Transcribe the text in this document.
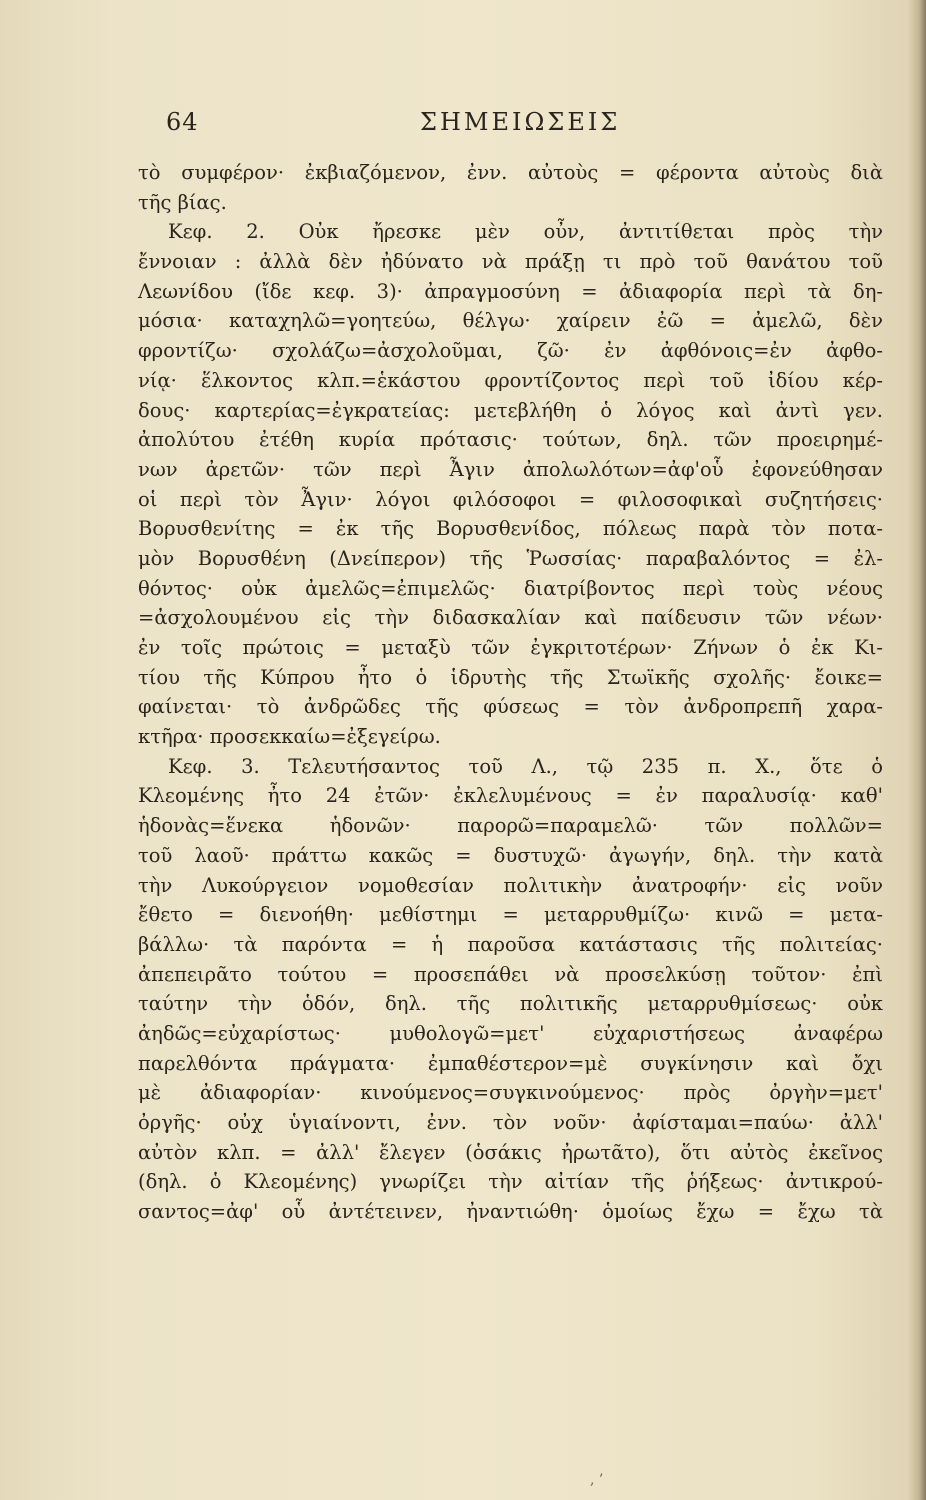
64	ΣΗΜΕΙΩΣΕΙΣ
τὸ συμφέρον· ἐκβιαζόμενον, ἐνν. αὐτοὺς = φέροντα αὐτοὺς διὰ
τῆς βίας.
Κεφ. 2. Οὐκ ἤρεσκε μὲν οὖν, ἀντιτίθεται πρὸς τὴν
ἔννοιαν : ἀλλὰ δὲν ἠδύνατο νὰ πράξῃ τι πρὸ τοῦ θανάτου τοῦ
Λεωνίδου (ἴδε κεφ. 3)· ἀπραγμοσύνη = ἀδιαφορία περὶ τὰ δη-
μόσια· καταχηλῶ=γοητεύω, θέλγω· χαίρειν ἐῶ = ἀμελῶ, δὲν
φροντίζω· σχολάζω=ἀσχολοῦμαι, ζῶ· ἐν ἀφθόνοις=ἐν ἀφθο-
νίᾳ· ἕλκοντος κλπ.=ἑκάστου φροντίζοντος περὶ τοῦ ἰδίου κέρ-
δους· καρτερίας=ἐγκρατείας: μετεβλήθη ὁ λόγος καὶ ἀντὶ γεν.
ἀπολύτου ἐτέθη κυρία πρότασις· τούτων, δηλ. τῶν προειρημέ-
νων ἀρετῶν· τῶν περὶ Ἆγιν ἀπολωλότων=ἀφ'οὗ ἐφονεύθησαν
οἱ περὶ τὸν Ἆγιν· λόγοι φιλόσοφοι = φιλοσοφικαὶ συζητήσεις·
Βορυσθενίτης = ἐκ τῆς Βορυσθενίδος, πόλεως παρὰ τὸν ποτα-
μὸν Βορυσθένη (Δνείπερον) τῆς Ῥωσσίας· παραβαλόντος = ἐλ-
θόντος· οὐκ ἀμελῶς=ἐπιμελῶς· διατρίβοντος περὶ τοὺς νέους
=ἀσχολουμένου εἰς τὴν διδασκαλίαν καὶ παίδευσιν τῶν νέων·
ἐν τοῖς πρώτοις = μεταξὺ τῶν ἐγκριτοτέρων· Ζήνων ὁ ἐκ Κι-
τίου τῆς Κύπρου ἦτο ὁ ἱδρυτὴς τῆς Στωϊκῆς σχολῆς· ἔοικε=
φαίνεται· τὸ ἀνδρῶδες τῆς φύσεως = τὸν ἀνδροπρεπῆ χαρα-
κτῆρα· προσεκκαίω=ἐξεγείρω.
Κεφ. 3. Τελευτήσαντος τοῦ Λ., τῷ 235 π. Χ., ὅτε ὁ
Κλεομένης ἦτο 24 ἐτῶν· ἐκλελυμένους = ἐν παραλυσίᾳ· καθ'
ἡδονὰς=ἕνεκα ἡδονῶν· παρορῶ=παραμελῶ· τῶν πολλῶν=
τοῦ λαοῦ· πράττω κακῶς = δυστυχῶ· ἀγωγήν, δηλ. τὴν κατὰ
τὴν Λυκούργειον νομοθεσίαν πολιτικὴν ἀνατροφήν· εἰς νοῦν
ἔθετο = διενοήθη· μεθίστημι = μεταρρυθμίζω· κινῶ = μετα-
βάλλω· τὰ παρόντα = ἡ παροῦσα κατάστασις τῆς πολιτείας·
ἀπεπειρᾶτο τούτου = προσεπάθει νὰ προσελκύσῃ τοῦτον· ἐπὶ
ταύτην τὴν ὁδόν, δηλ. τῆς πολιτικῆς μεταρρυθμίσεως· οὐκ
ἀηδῶς=εὐχαρίστως· μυθολογῶ=μετ' εὐχαριστήσεως ἀναφέρω
παρελθόντα πράγματα· ἐμπαθέστερον=μὲ συγκίνησιν καὶ ὄχι
μὲ ἀδιαφορίαν· κινούμενος=συγκινούμενος· πρὸς ὀργὴν=μετ'
ὀργῆς· οὐχ ὑγιαίνοντι, ἐνν. τὸν νοῦν· ἀφίσταμαι=παύω· ἀλλ'
αὐτὸν κλπ. = ἀλλ' ἔλεγεν (ὁσάκις ἠρωτᾶτο), ὅτι αὐτὸς ἐκεῖνος
(δηλ. ὁ Κλεομένης) γνωρίζει τὴν αἰτίαν τῆς ῥήξεως· ἀντικρού-
σαντος=ἀφ' οὗ ἀντέτεινεν, ἠναντιώθη· ὁμοίως ἔχω = ἔχω τὰ
, ’
